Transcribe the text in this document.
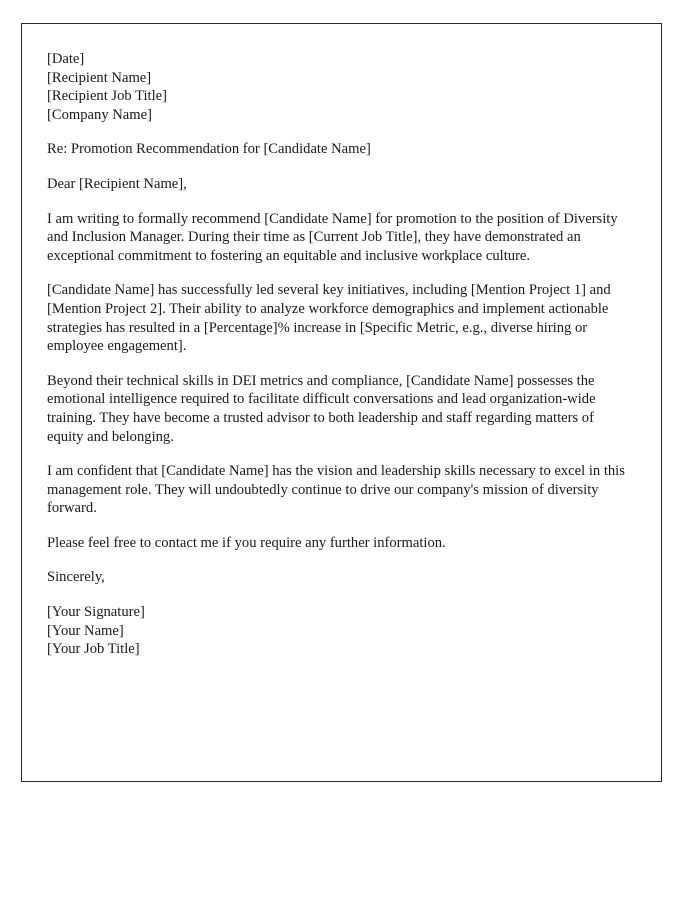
[Date]
[Recipient Name]
[Recipient Job Title]
[Company Name]
Re: Promotion Recommendation for [Candidate Name]
Dear [Recipient Name],

I am writing to formally recommend [Candidate Name] for promotion to the position of Diversity and Inclusion Manager. During their time as [Current Job Title], they have demonstrated an exceptional commitment to fostering an equitable and inclusive workplace culture.

[Candidate Name] has successfully led several key initiatives, including [Mention Project 1] and [Mention Project 2]. Their ability to analyze workforce demographics and implement actionable strategies has resulted in a [Percentage]% increase in [Specific Metric, e.g., diverse hiring or employee engagement].

Beyond their technical skills in DEI metrics and compliance, [Candidate Name] possesses the emotional intelligence required to facilitate difficult conversations and lead organization-wide training. They have become a trusted advisor to both leadership and staff regarding matters of equity and belonging.

I am confident that [Candidate Name] has the vision and leadership skills necessary to excel in this management role. They will undoubtedly continue to drive our company's mission of diversity forward.

Please feel free to contact me if you require any further information.

Sincerely,
[Your Signature]
[Your Name]
[Your Job Title]
